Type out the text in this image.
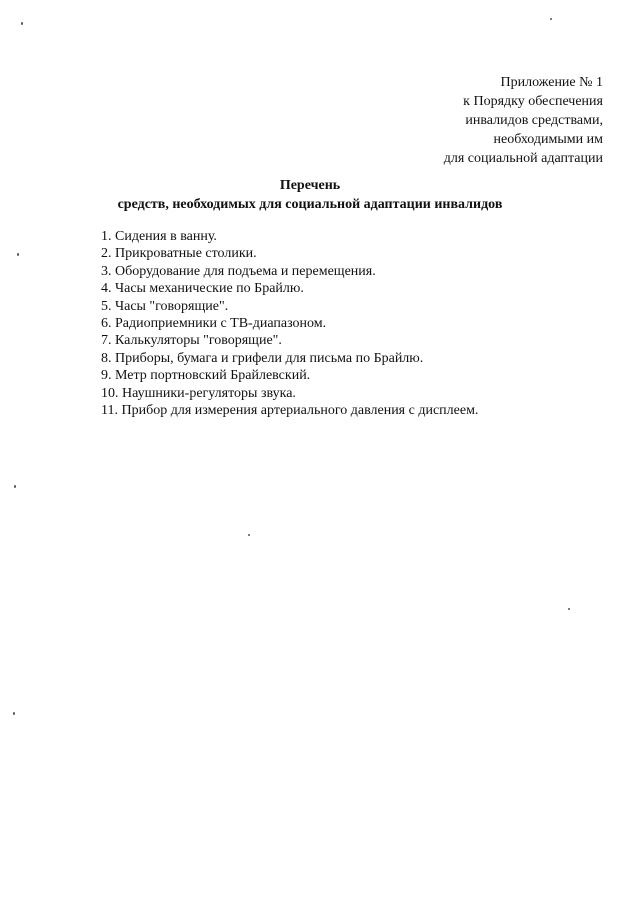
Приложение № 1
к Порядку обеспечения
инвалидов средствами,
необходимыми им
для социальной адаптации
Перечень
средств, необходимых для социальной адаптации инвалидов
1. Сидения в ванну.
2. Прикроватные столики.
3. Оборудование для подъема и перемещения.
4. Часы механические по Брайлю.
5. Часы "говорящие".
6. Радиоприемники с ТВ-диапазоном.
7. Калькуляторы "говорящие".
8. Приборы, бумага и грифели для письма по Брайлю.
9. Метр портновский Брайлевский.
10. Наушники-регуляторы звука.
11. Прибор для измерения артериального давления с дисплеем.
